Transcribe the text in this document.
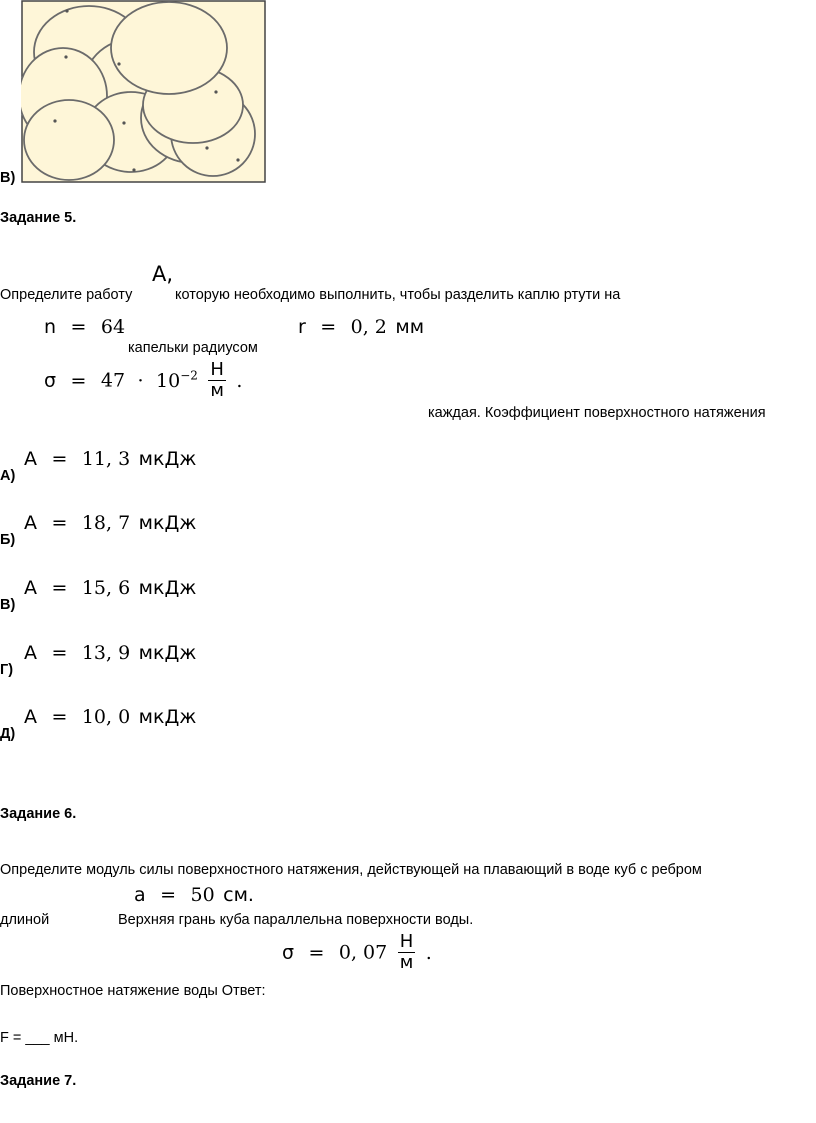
В)
Задание 5.
Определите работу
А,
которую необходимо выполнить, чтобы разделить каплю ртути на
n = 64
капельки радиусом
r = 0, 2 мм
$\sigma = 47 \cdot 10^{-2} \frac{Н}{м}$ .
каждая. Коэффициент поверхностного натяжения
А)
А = 11, 3 мкДж
Б)
А = 18, 7 мкДж
В)
А = 15, 6 мкДж
Г)
А = 13, 9 мкДж
Д)
А = 10, 0 мкДж
Задание 6.
Определите модуль силы поверхностного натяжения, действующей на плавающий в воде куб с ребром
a = 50 см.
длиной	Верхняя грань куба параллельна поверхности воды.
σ = 0, $07 \frac{Н}{м}$ .
Поверхностное натяжение воды Ответ:
F = ___ мН.
Задание 7.
